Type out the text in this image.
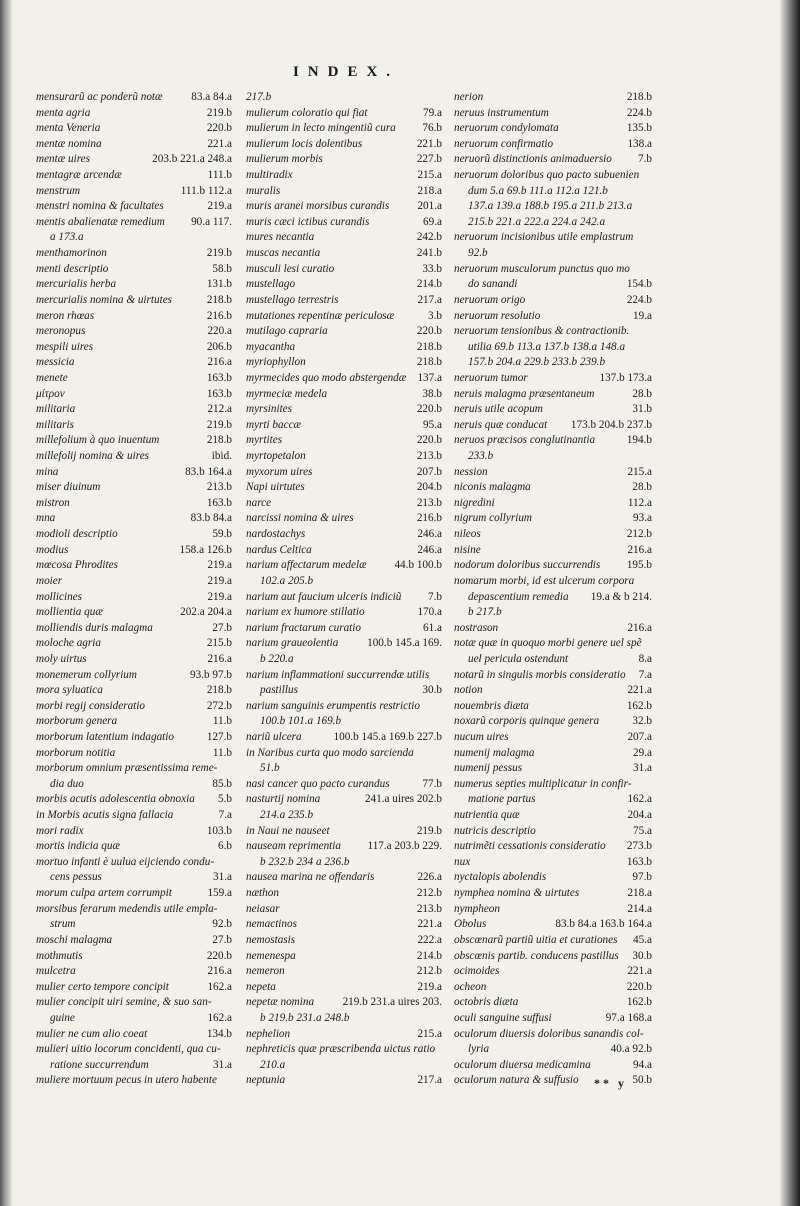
INDEX.
mensurarũ ac ponderũ notæ	83.a 84.a
menta agria	219.b
menta Veneria	220.b
mentæ nomina	221.a
mentæ uires	203.b 221.a 248.a
mentagræ arcendæ	111.b
menstrum	111.b 112.a
menstri nomina & facultates	219.a
mentis abalienatæ remedium	90.a 117.
a 173.a
menthamorinon	219.b
menti descriptio	58.b
mercurialis herba	131.b
mercurialis nomina & uirtutes	218.b
meron rhœas	216.b
meronopus	220.a
mespili uires	206.b
messicia	216.a
menete	163.b
μίτρον	163.b
militaria	212.a
militaris	219.b
millefolium à quo inuentum	218.b
millefolij nomina & uires	ibid.
mina	83.b 164.a
miser diuinum	213.b
mistron	163.b
mna	83.b 84.a
modioli descriptio	59.b
modius	158.a 126.b
mœcosa Phrodites	219.a
moier	219.a
mollicines	219.a
mollientia quæ	202.a 204.a
molliendis duris malagma	27.b
moloche agria	215.b
moly uirtus	216.a
monemerum collyrium	93.b 97.b
mora syluatica	218.b
morbi regij consideratio	272.b
morborum genera	11.b
morborum latentium indagatio	127.b
morborum notitia	11.b
morborum omnium præsentissima reme-
dia duo	85.b
morbis acutis adolescentia obnoxia	5.b
in Morbis acutis signa fallacia	7.a
mori radix	103.b
mortis indicia quæ	6.b
mortuo infanti è uulua eijciendo condu-
cens pessus	31.a
morum culpa artem corrumpit	159.a
morsibus ferarum medendis utile empla-
strum	92.b
moschi malagma	27.b
mothmutis	220.b
mulcetra	216.a
mulier certo tempore concipit	162.a
mulier concipit uiri semine, & suo san-
guine	162.a
mulier ne cum alio coeat	134.b
mulieri uitio locorum concidenti, qua cu-
ratione succurrendum	31.a
muliere mortuum pecus in utero habente
217.b
mulierum coloratio qui fiat	79.a
mulierum in lecto mingentiũ cura	76.b
mulierum locis dolentibus	221.b
mulierum morbis	227.b
multiradix	215.a
muralis	218.a
muris aranei morsibus curandis	201.a
muris cæci ictibus curandis	69.a
mures necantia	242.b
muscas necantia	241.b
musculi lesi curatio	33.b
mustellago	214.b
mustellago terrestris	217.a
mutationes repentinæ periculosæ	3.b
mutilago capraria	220.b
myacantha	218.b
myriophyllon	218.b
myrmecides quo modo abstergendæ	137.a
myrmeciæ medela	38.b
myrsinites	220.b
myrti baccæ	95.a
myrtites	220.b
myrtopetalon	213.b
myxorum uires	207.b
Napi uirtutes	204.b
narce	213.b
narcissi nomina & uires	216.b
nardostachys	246.a
nardus Celtica	246.a
narium affectarum medelæ	44.b 100.b
102.a 205.b
narium aut faucium ulceris indiciũ	7.b
narium ex humore stillatio	170.a
narium fractarum curatio	61.a
narium graueolentia	100.b 145.a 169.
b 220.a
narium inflammationi succurrendæ utilis
pastillus	30.b
narium sanguinis erumpentis restrictio
100.b 101.a 169.b
nariũ ulcera	100.b 145.a 169.b 227.b
in Naribus curta quo modo sarcienda
51.b
nasi cancer quo pacto curandus	77.b
nasturtij nomina	241.a uires 202.b
214.a 235.b
in Naui ne nauseet	219.b
nauseam reprimentia	117.a 203.b 229.
b 232.b 234 a 236.b
nausea marina ne offendaris	226.a
næthon	212.b
neiasar	213.b
nemactinos	221.a
nemostasis	222.a
nemenespa	214.b
nemeron	212.b
nepeta	219.a
nepetæ nomina	219.b 231.a uires 203.
b 219.b 231.a 248.b
nephelion	215.a
nephreticis quæ præscribenda uictus ratio
210.a
neptunia	217.a
nerion	218.b
neruus instrumentum	224.b
neruorum condylomata	135.b
neruorum confirmatio	138.a
neruorũ distinctionis animaduersio	7.b
neruorum doloribus quo pacto subuenien
dum 5.a 69.b 111.a 112.a 121.b
137.a 139.a 188.b 195.a 211.b 213.a
215.b 221.a 222.a 224.a 242.a
neruorum incisionibus utile emplastrum
92.b
neruorum musculorum punctus quo mo
do sanandi	154.b
neruorum origo	224.b
neruorum resolutio	19.a
neruorum tensionibus & contractionib.
utilia 69.b 113.a 137.b 138.a 148.a
157.b 204.a 229.b 233.b 239.b
neruorum tumor	137.b 173.a
neruis malagma præsentaneum	28.b
neruis utile acopum	31.b
neruis quæ conducat	173.b 204.b 237.b
neruos præcisos conglutinantia	194.b
233.b
nession	215.a
niconis malagma	28.b
nigredini	112.a
nigrum collyrium	93.a
nileos	212.b
nisine	216.a
nodorum doloribus succurrendis	195.b
nomarum morbi, id est ulcerum corpora
depascentium remedia	19.a & b 214.
b 217.b
nostrason	216.a
notæ quæ in quoquo morbi genere uel spẽ
uel pericula ostendunt	8.a
notarũ in singulis morbis consideratio	7.a
notion	221.a
nouembris diæta	162.b
noxarũ corporis quinque genera	32.b
nucum uires	207.a
numenij malagma	29.a
numenij pessus	31.a
numerus septies multiplicatur in confir-
matione partus	162.a
nutrientia quæ	204.a
nutricis descriptio	75.a
nutrimẽti cessationis consideratio	273.b
nux	163.b
nyctalopis abolendis	97.b
nymphea nomina & uirtutes	218.a
nympheon	214.a
Obolus	83.b 84.a 163.b 164.a
obscœnarũ partiũ uitia et curationes	45.a
obscœnis partib. conducens pastillus	30.b
ocimoides	221.a
ocheon	220.b
octobris diæta	162.b
oculi sanguine suffusi	97.a 168.a
oculorum diuersis doloribus sanandis col-
lyria	40.a 92.b
oculorum diuersa medicamina	94.a
oculorum natura & suffusio	50.b
** y
